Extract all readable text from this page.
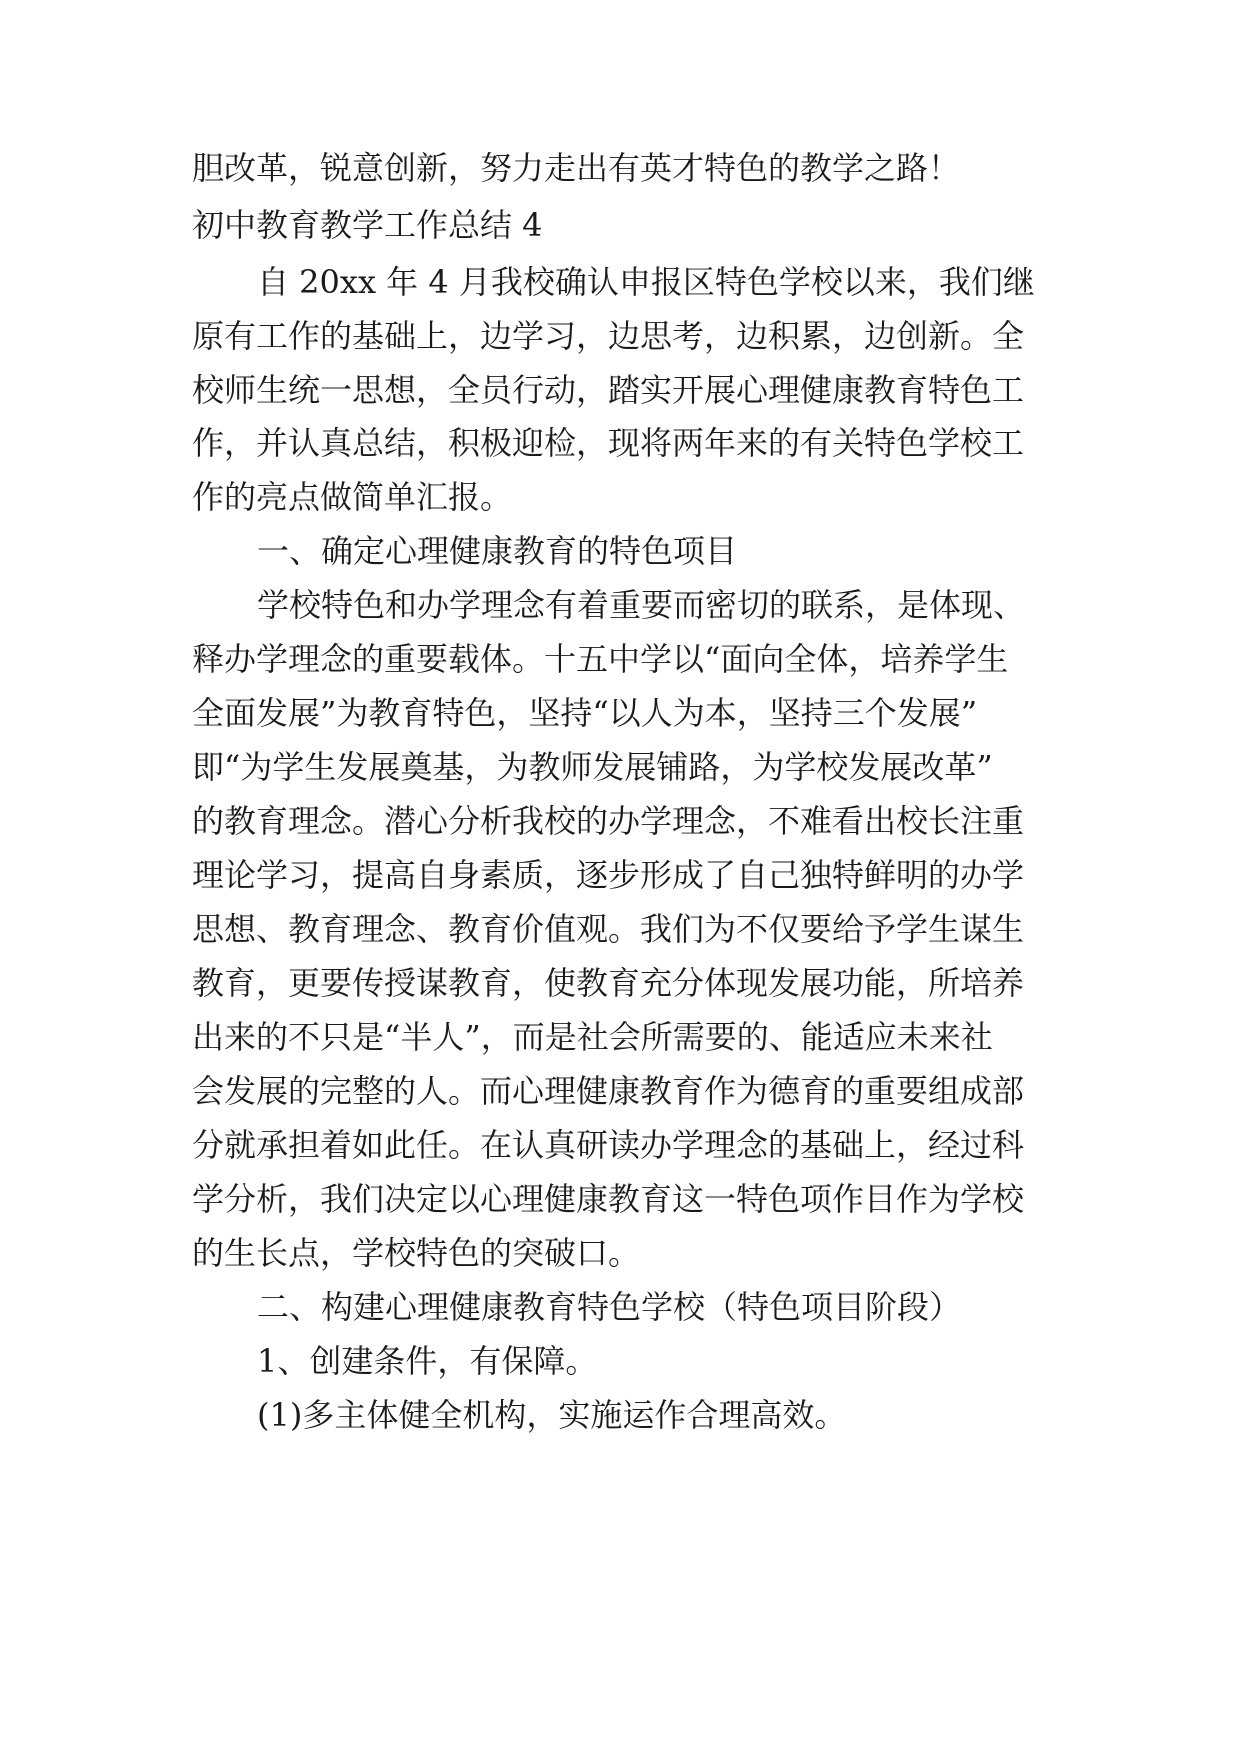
胆改革，锐意创新，努力走出有英才特色的教学之路！
初中教育教学工作总结 4
自 20xx 年 4 月我校确认申报区特色学校以来，我们继
原有工作的基础上，边学习，边思考，边积累，边创新。全
校师生统一思想，全员行动，踏实开展心理健康教育特色工
作，并认真总结，积极迎检，现将两年来的有关特色学校工
作的亮点做简单汇报。
一、确定心理健康教育的特色项目
学校特色和办学理念有着重要而密切的联系，是体现、
释办学理念的重要载体。十五中学以“面向全体，培养学生
全面发展”为教育特色，坚持“以人为本，坚持三个发展”
即“为学生发展奠基，为教师发展铺路，为学校发展改革”
的教育理念。潜心分析我校的办学理念，不难看出校长注重
理论学习，提高自身素质，逐步形成了自己独特鲜明的办学
思想、教育理念、教育价值观。我们为不仅要给予学生谋生
教育，更要传授谋教育，使教育充分体现发展功能，所培养
出来的不只是“半人”，而是社会所需要的、能适应未来社
会发展的完整的人。而心理健康教育作为德育的重要组成部
分就承担着如此任。在认真研读办学理念的基础上，经过科
学分析，我们决定以心理健康教育这一特色项作目作为学校
的生长点，学校特色的突破口。
二、构建心理健康教育特色学校（特色项目阶段）
1、创建条件，有保障。
(1)多主体健全机构，实施运作合理高效。
